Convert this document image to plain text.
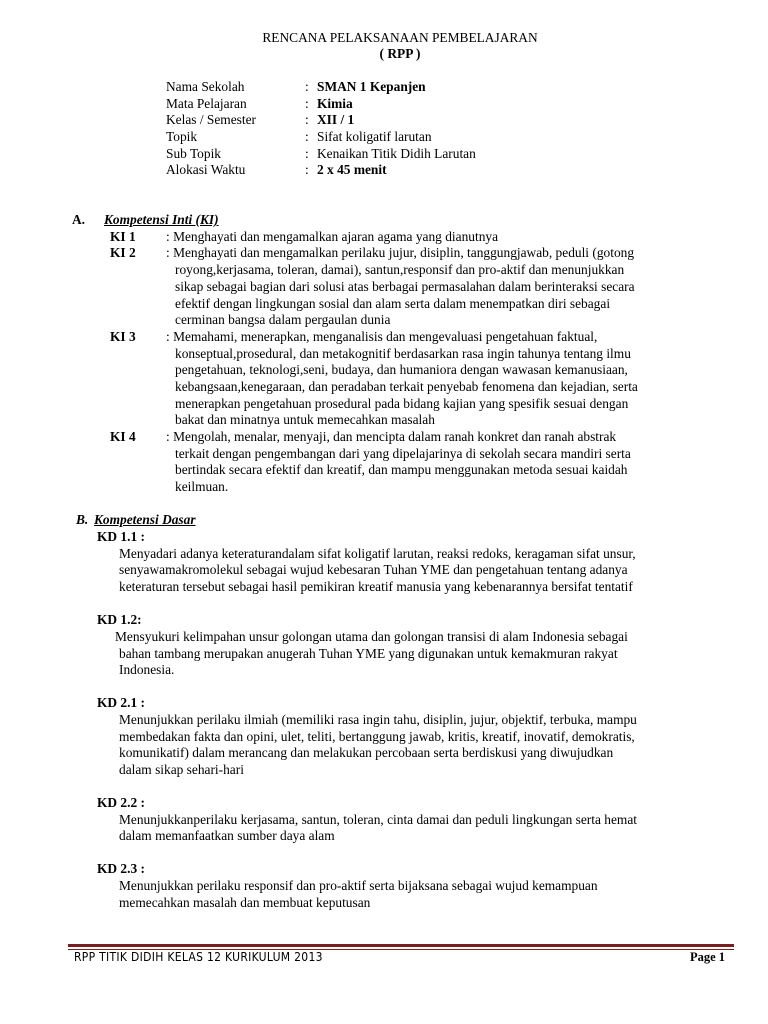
RENCANA PELAKSANAAN PEMBELAJARAN
( RPP )
Nama Sekolah	: SMAN 1 Kepanjen
Mata Pelajaran	: Kimia
Kelas / Semester	: XII / 1
Topik	: Sifat koligatif larutan
Sub Topik	: Kenaikan Titik Didih Larutan
Alokasi Waktu	: 2 x 45 menit
A. Kompetensi Inti (KI)
KI 1 : Menghayati dan mengamalkan ajaran agama yang dianutnya
KI 2 : Menghayati dan mengamalkan perilaku jujur, disiplin, tanggungjawab, peduli (gotong
royong,kerjasama, toleran, damai), santun,responsif dan pro-aktif dan menunjukkan
sikap sebagai bagian dari solusi atas berbagai permasalahan dalam berinteraksi secara
efektif dengan lingkungan sosial dan alam serta dalam menempatkan diri sebagai
cerminan bangsa dalam pergaulan dunia
KI 3 : Memahami, menerapkan, menganalisis dan mengevaluasi pengetahuan faktual,
konseptual,prosedural, dan metakognitif berdasarkan rasa ingin tahunya tentang ilmu
pengetahuan, teknologi,seni, budaya, dan humaniora dengan wawasan kemanusiaan,
kebangsaan,kenegaraan, dan peradaban terkait penyebab fenomena dan kejadian, serta
menerapkan pengetahuan prosedural pada bidang kajian yang spesifik sesuai dengan
bakat dan minatnya untuk memecahkan masalah
KI 4 : Mengolah, menalar, menyaji, dan mencipta dalam ranah konkret dan ranah abstrak
terkait dengan pengembangan dari yang dipelajarinya di sekolah secara mandiri serta
bertindak secara efektif dan kreatif, dan mampu menggunakan metoda sesuai kaidah
keilmuan.
B. Kompetensi Dasar
KD 1.1 :
Menyadari adanya keteraturandalam sifat koligatif larutan, reaksi redoks, keragaman sifat unsur,
senyawamakromolekul sebagai wujud kebesaran Tuhan YME dan pengetahuan tentang adanya
keteraturan tersebut sebagai hasil pemikiran kreatif manusia yang kebenarannya bersifat tentatif
KD 1.2:
Mensyukuri kelimpahan unsur golongan utama dan golongan transisi di alam Indonesia sebagai
bahan tambang merupakan anugerah Tuhan YME yang digunakan untuk kemakmuran rakyat
Indonesia.
KD 2.1 :
Menunjukkan perilaku ilmiah (memiliki rasa ingin tahu, disiplin, jujur, objektif, terbuka, mampu
membedakan fakta dan opini, ulet, teliti, bertanggung jawab, kritis, kreatif, inovatif, demokratis,
komunikatif) dalam merancang dan melakukan percobaan serta berdiskusi yang diwujudkan
dalam sikap sehari-hari
KD 2.2 :
Menunjukkanperilaku kerjasama, santun, toleran, cinta damai dan peduli lingkungan serta hemat
dalam memanfaatkan sumber daya alam
KD 2.3 :
Menunjukkan perilaku responsif dan pro-aktif serta bijaksana sebagai wujud kemampuan
memecahkan masalah dan membuat keputusan
RPP TITIK DIDIH KELAS 12 KURIKULUM 2013	Page 1
